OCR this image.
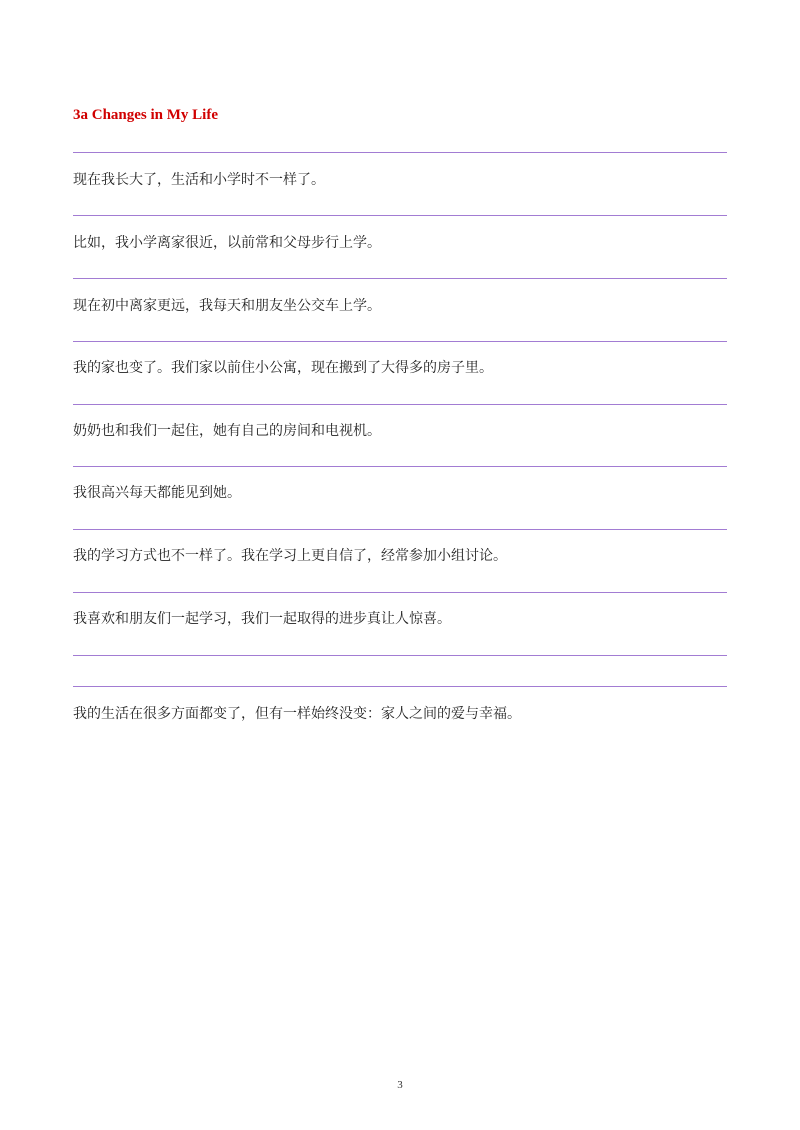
3a Changes in My Life
现在我长大了，生活和小学时不一样了。
比如，我小学离家很近，以前常和父母步行上学。
现在初中离家更远，我每天和朋友坐公交车上学。
我的家也变了。我们家以前住小公寓，现在搬到了大得多的房子里。
奶奶也和我们一起住，她有自己的房间和电视机。
我很高兴每天都能见到她。
我的学习方式也不一样了。我在学习上更自信了，经常参加小组讨论。
我喜欢和朋友们一起学习，我们一起取得的进步真让人惊喜。
我的生活在很多方面都变了，但有一样始终没变：家人之间的爱与幸福。
3
